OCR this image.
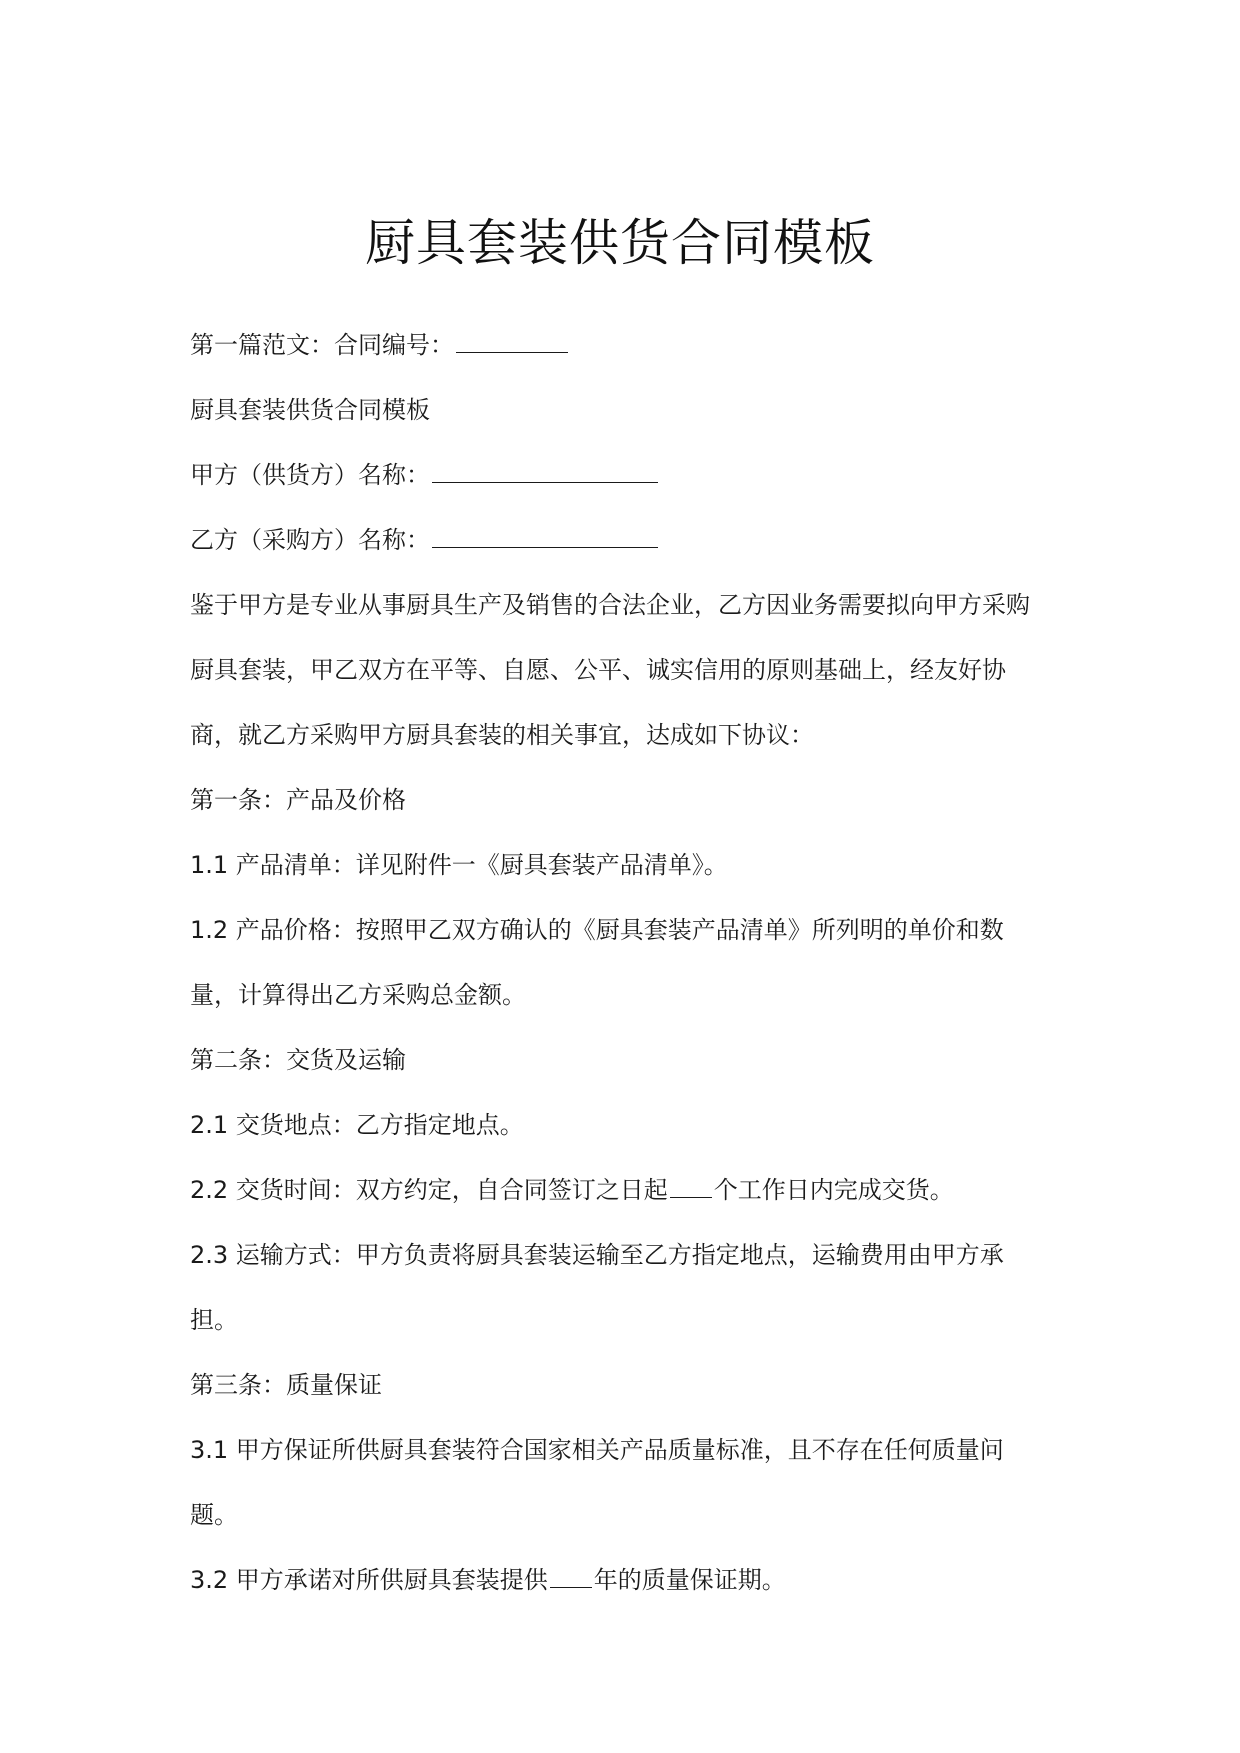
厨具套装供货合同模板
第一篇范文：合同编号：
厨具套装供货合同模板
甲方（供货方）名称：
乙方（采购方）名称：
鉴于甲方是专业从事厨具生产及销售的合法企业，乙方因业务需要拟向甲方采购厨具套装，甲乙双方在平等、自愿、公平、诚实信用的原则基础上，经友好协商，就乙方采购甲方厨具套装的相关事宜，达成如下协议：
第一条：产品及价格
1.1 产品清单：详见附件一《厨具套装产品清单》。
1.2 产品价格：按照甲乙双方确认的《厨具套装产品清单》所列明的单价和数量，计算得出乙方采购总金额。
第二条：交货及运输
2.1 交货地点：乙方指定地点。
2.2 交货时间：双方约定，自合同签订之日起 个工作日内完成交货。
2.3 运输方式：甲方负责将厨具套装运输至乙方指定地点，运输费用由甲方承担。
第三条：质量保证
3.1 甲方保证所供厨具套装符合国家相关产品质量标准，且不存在任何质量问题。
3.2 甲方承诺对所供厨具套装提供 年的质量保证期。
